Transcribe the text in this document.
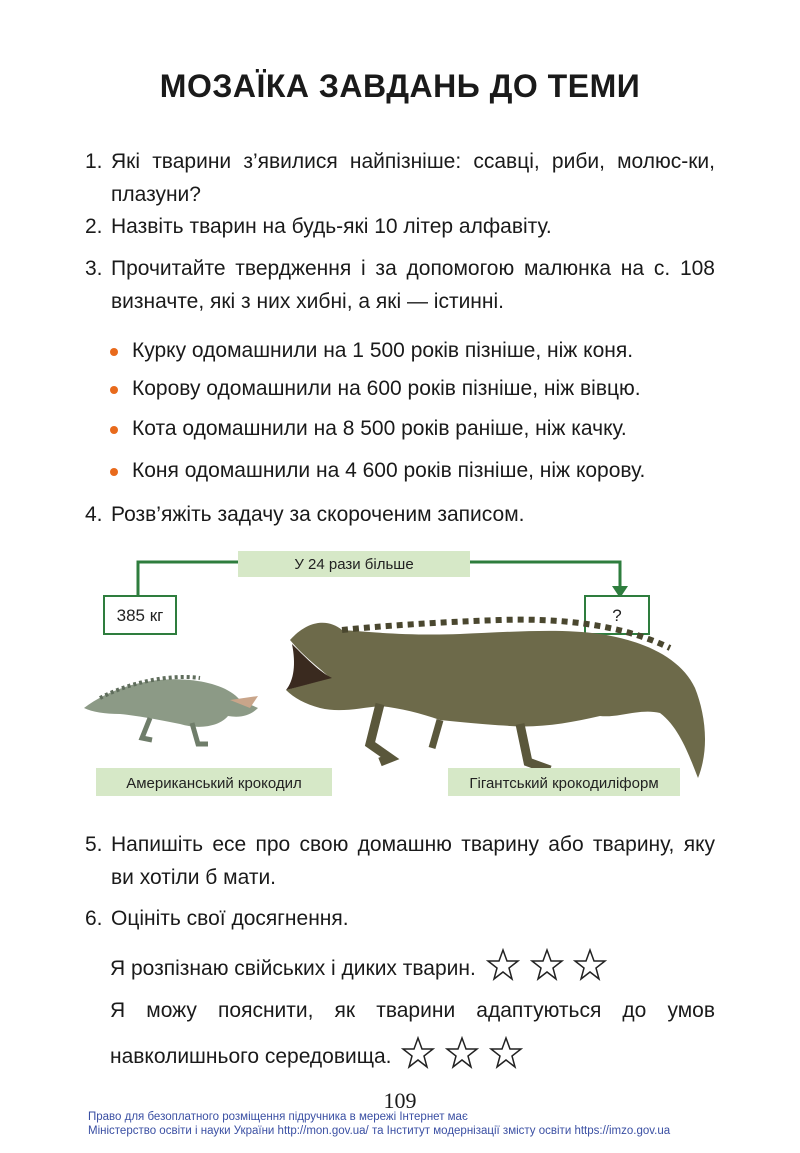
МОЗАЇКА ЗАВДАНЬ ДО ТЕМИ
1. Які тварини з’явилися найпізніше: ссавці, риби, молюс-ки, плазуни?
2. Назвіть тварин на будь-які 10 літер алфавіту.
3. Прочитайте твердження і за допомогою малюнка на с. 108 визначте, які з них хибні, а які — істинні.
Курку одомашнили на 1 500 років пізніше, ніж коня.
Корову одомашнили на 600 років пізніше, ніж вівцю.
Кота одомашнили на 8 500 років раніше, ніж качку.
Коня одомашнили на 4 600 років пізніше, ніж корову.
4. Розв’яжіть задачу за скороченим записом.
У 24 рази більше
385 кг	?
Американський крокодил	Гігантський крокодиліформ
5. Напишіть есе про свою домашню тварину або тварину, яку ви хотіли б мати.
6. Оцініть свої досягнення.
Я розпізнаю свійських і диких тварин.
Я можу пояснити, як тварини адаптуються до умов
навколишнього середовища.
109
Право для безоплатного розміщення підручника в мережі Інтернет має
Міністерство освіти і науки України http://mon.gov.ua/ та Інститут модернізації змісту освіти https://imzo.gov.ua
